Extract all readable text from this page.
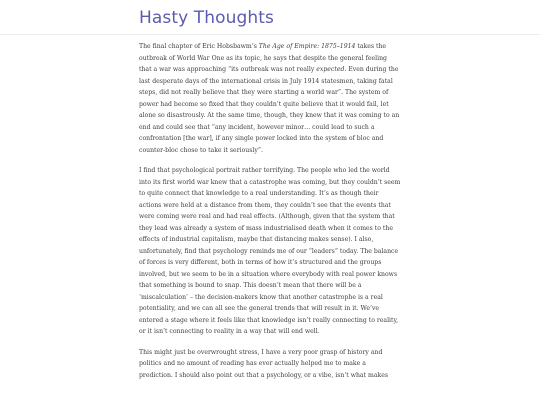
Hasty Thoughts

The final chapter of Eric Hobsbawm’s The Age of Empire: 1875–1914 takes the outbreak of World War One as its topic, he says that despite the general feeling that a war was approaching “its outbreak was not really expected. Even during the last desperate days of the international crisis in July 1914 statesmen, taking fatal steps, did not really believe that they were starting a world war”. The system of power had become so fixed that they couldn’t quite believe that it would fail, let alone so disastrously. At the same time, though, they knew that it was coming to an end and could see that “any incident, however minor… could lead to such a confrontation [the war], if any single power locked into the system of bloc and counter-bloc chose to take it seriously”.

I find that psychological portrait rather terrifying. The people who led the world into its first world war knew that a catastrophe was coming, but they couldn’t seem to quite connect that knowledge to a real understanding. It’s as though their actions were held at a distance from them, they couldn’t see that the events that were coming were real and had real effects. (Although, given that the system that they lead was already a system of mass industrialised death when it comes to the effects of industrial capitalism, maybe that distancing makes sense). I also, unfortunately, find that psychology reminds me of our “leaders” today. The balance of forces is very different, both in terms of how it’s structured and the groups involved, but we seem to be in a situation where everybody with real power knows that something is bound to snap. This doesn’t mean that there will be a ‘miscalculation’ – the decision-makers know that another catastrophe is a real potentiality, and we can all see the general trends that will result in it. We’ve entered a stage where it feels like that knowledge isn’t really connecting to reality, or it isn’t connecting to reality in a way that will end well.

This might just be overwrought stress, I have a very poor grasp of history and politics and no amount of reading has ever actually helped me to make a prediction. I should also point out that a psychology, or a vibe, isn’t what makes
